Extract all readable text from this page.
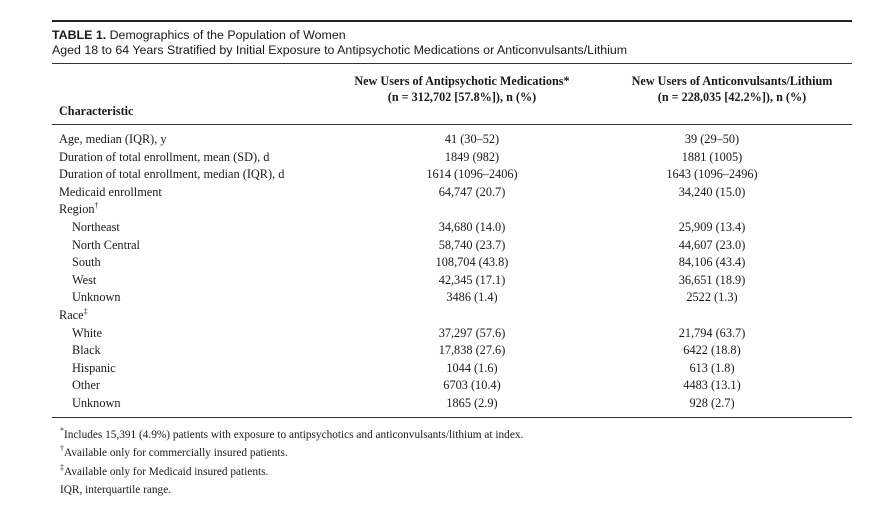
TABLE 1. Demographics of the Population of Women
Aged 18 to 64 Years Stratified by Initial Exposure to Antipsychotic Medications or Anticonvulsants/Lithium
Characteristic
New Users of Antipsychotic Medications*
(n = 312,702 [57.8%]), n (%)
New Users of Anticonvulsants/Lithium
(n = 228,035 [42.2%]), n (%)
Age, median (IQR), y	41 (30–52)	39 (29–50)
Duration of total enrollment, mean (SD), d	1849 (982)	1881 (1005)
Duration of total enrollment, median (IQR), d	1614 (1096–2406)	1643 (1096–2496)
Medicaid enrollment	64,747 (20.7)	34,240 (15.0)
Region†
Northeast	34,680 (14.0)	25,909 (13.4)
North Central	58,740 (23.7)	44,607 (23.0)
South	108,704 (43.8)	84,106 (43.4)
West	42,345 (17.1)	36,651 (18.9)
Unknown	3486 (1.4)	2522 (1.3)
Race‡
White	37,297 (57.6)	21,794 (63.7)
Black	17,838 (27.6)	6422 (18.8)
Hispanic	1044 (1.6)	613 (1.8)
Other	6703 (10.4)	4483 (13.1)
Unknown	1865 (2.9)	928 (2.7)
*Includes 15,391 (4.9%) patients with exposure to antipsychotics and anticonvulsants/lithium at index.
†Available only for commercially insured patients.
‡Available only for Medicaid insured patients.
IQR, interquartile range.
